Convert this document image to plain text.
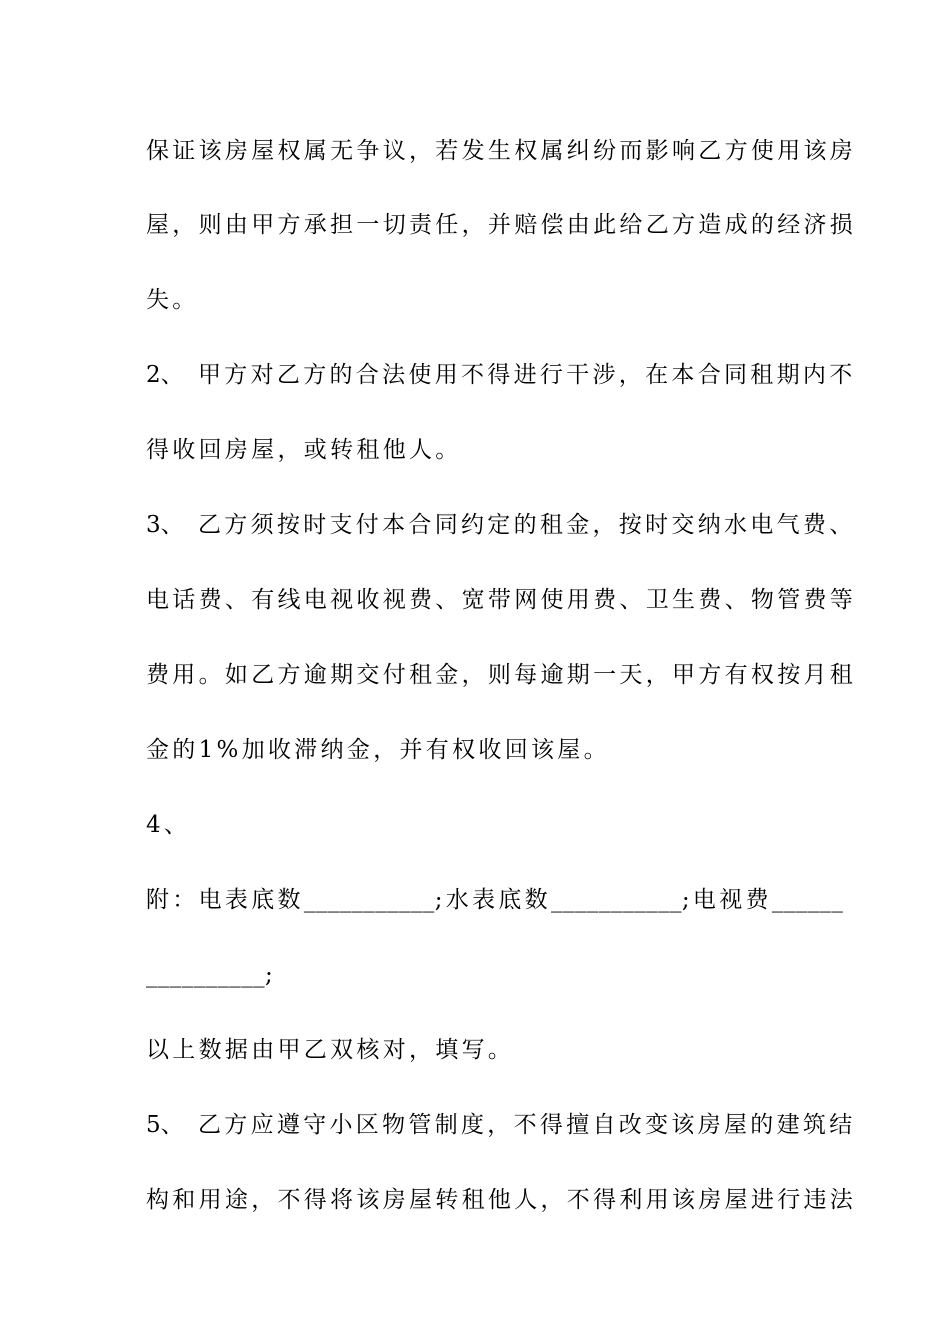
保证该房屋权属无争议，若发生权属纠纷而影响乙方使用该房
屋，则由甲方承担一切责任，并赔偿由此给乙方造成的经济损
失。
2、 甲方对乙方的合法使用不得进行干涉，在本合同租期内不
得收回房屋，或转租他人。
3、 乙方须按时支付本合同约定的租金，按时交纳水电气费、
电话费、有线电视收视费、宽带网使用费、卫生费、物管费等
费用。如乙方逾期交付租金，则每逾期一天，甲方有权按月租
金的1%加收滞纳金，并有权收回该屋。
4、
附：电表底数___________;水表底数___________;电视费______
__________;
以上数据由甲乙双核对，填写。
5、 乙方应遵守小区物管制度，不得擅自改变该房屋的建筑结
构和用途，不得将该房屋转租他人，不得利用该房屋进行违法
